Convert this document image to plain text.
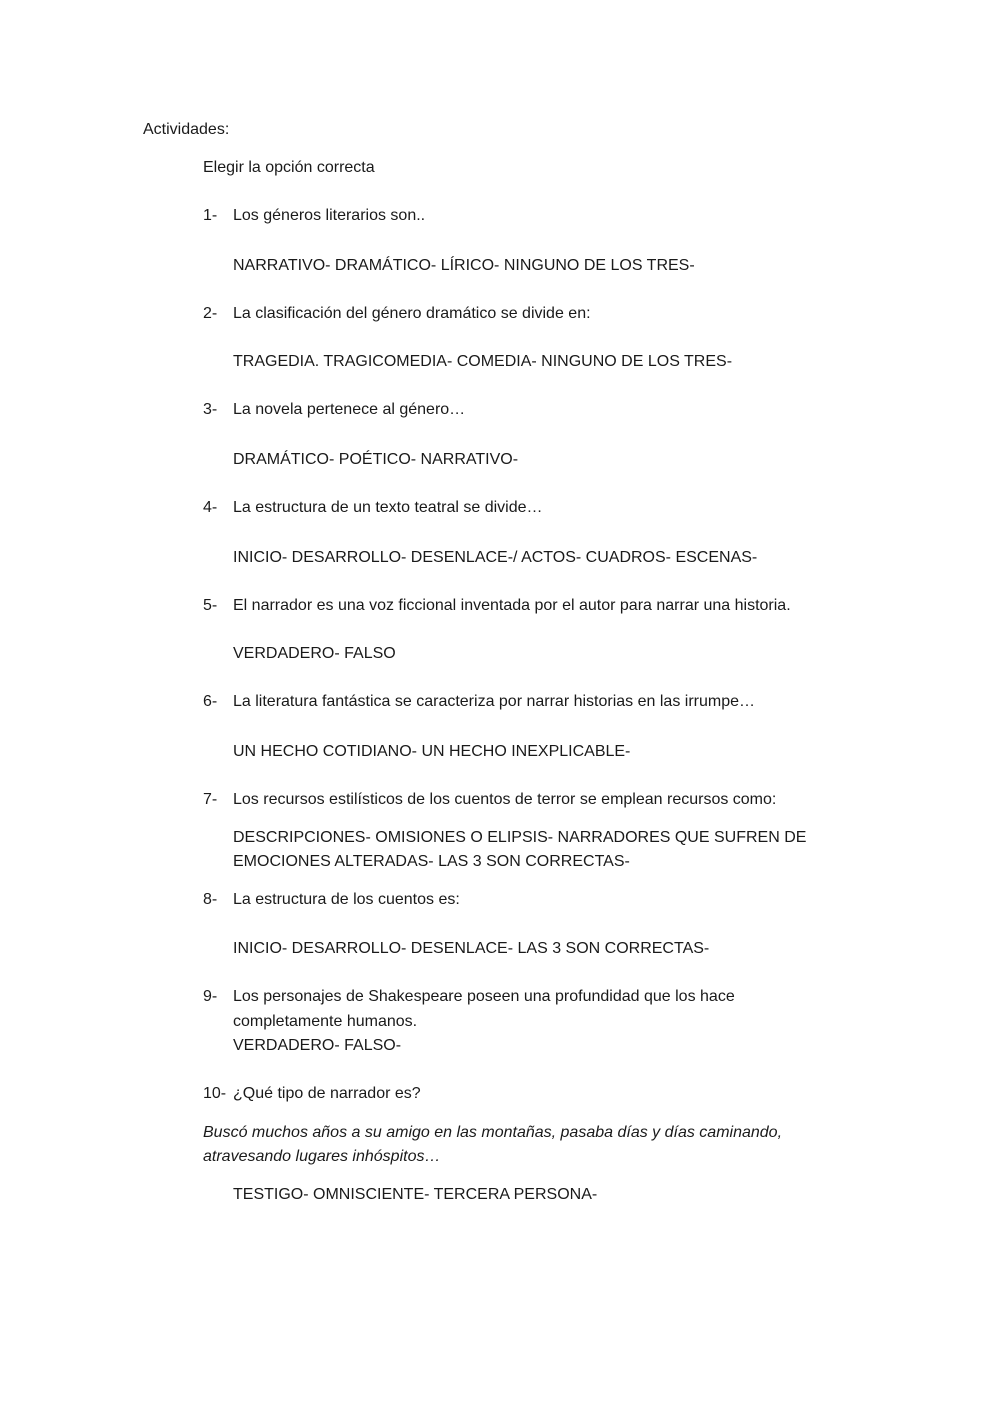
Actividades:

Elegir la opción correcta

1- Los géneros literarios son..
NARRATIVO- DRAMÁTICO- LÍRICO- NINGUNO DE LOS TRES-
2- La clasificación del género dramático se divide en:
TRAGEDIA. TRAGICOMEDIA- COMEDIA- NINGUNO DE LOS TRES-
3- La novela pertenece al género…
DRAMÁTICO- POÉTICO- NARRATIVO-
4- La estructura de un texto teatral se divide…
INICIO- DESARROLLO- DESENLACE-/ ACTOS- CUADROS- ESCENAS-
5- El narrador es una voz ficcional inventada por el autor para narrar una historia.
VERDADERO- FALSO
6- La literatura fantástica se caracteriza por narrar historias en las irrumpe…
UN HECHO COTIDIANO- UN HECHO INEXPLICABLE-
7- Los recursos estilísticos de los cuentos de terror se emplean recursos como:
DESCRIPCIONES- OMISIONES O ELIPSIS- NARRADORES QUE SUFREN DE
EMOCIONES ALTERADAS- LAS 3 SON CORRECTAS-
8- La estructura de los cuentos es:
INICIO- DESARROLLO- DESENLACE- LAS 3 SON CORRECTAS-
9- Los personajes de Shakespeare poseen una profundidad que los hace
completamente humanos.
VERDADERO- FALSO-
10- ¿Qué tipo de narrador es?
Buscó muchos años a su amigo en las montañas, pasaba días y días caminando,
atravesando lugares inhóspitos…
TESTIGO- OMNISCIENTE- TERCERA PERSONA-
